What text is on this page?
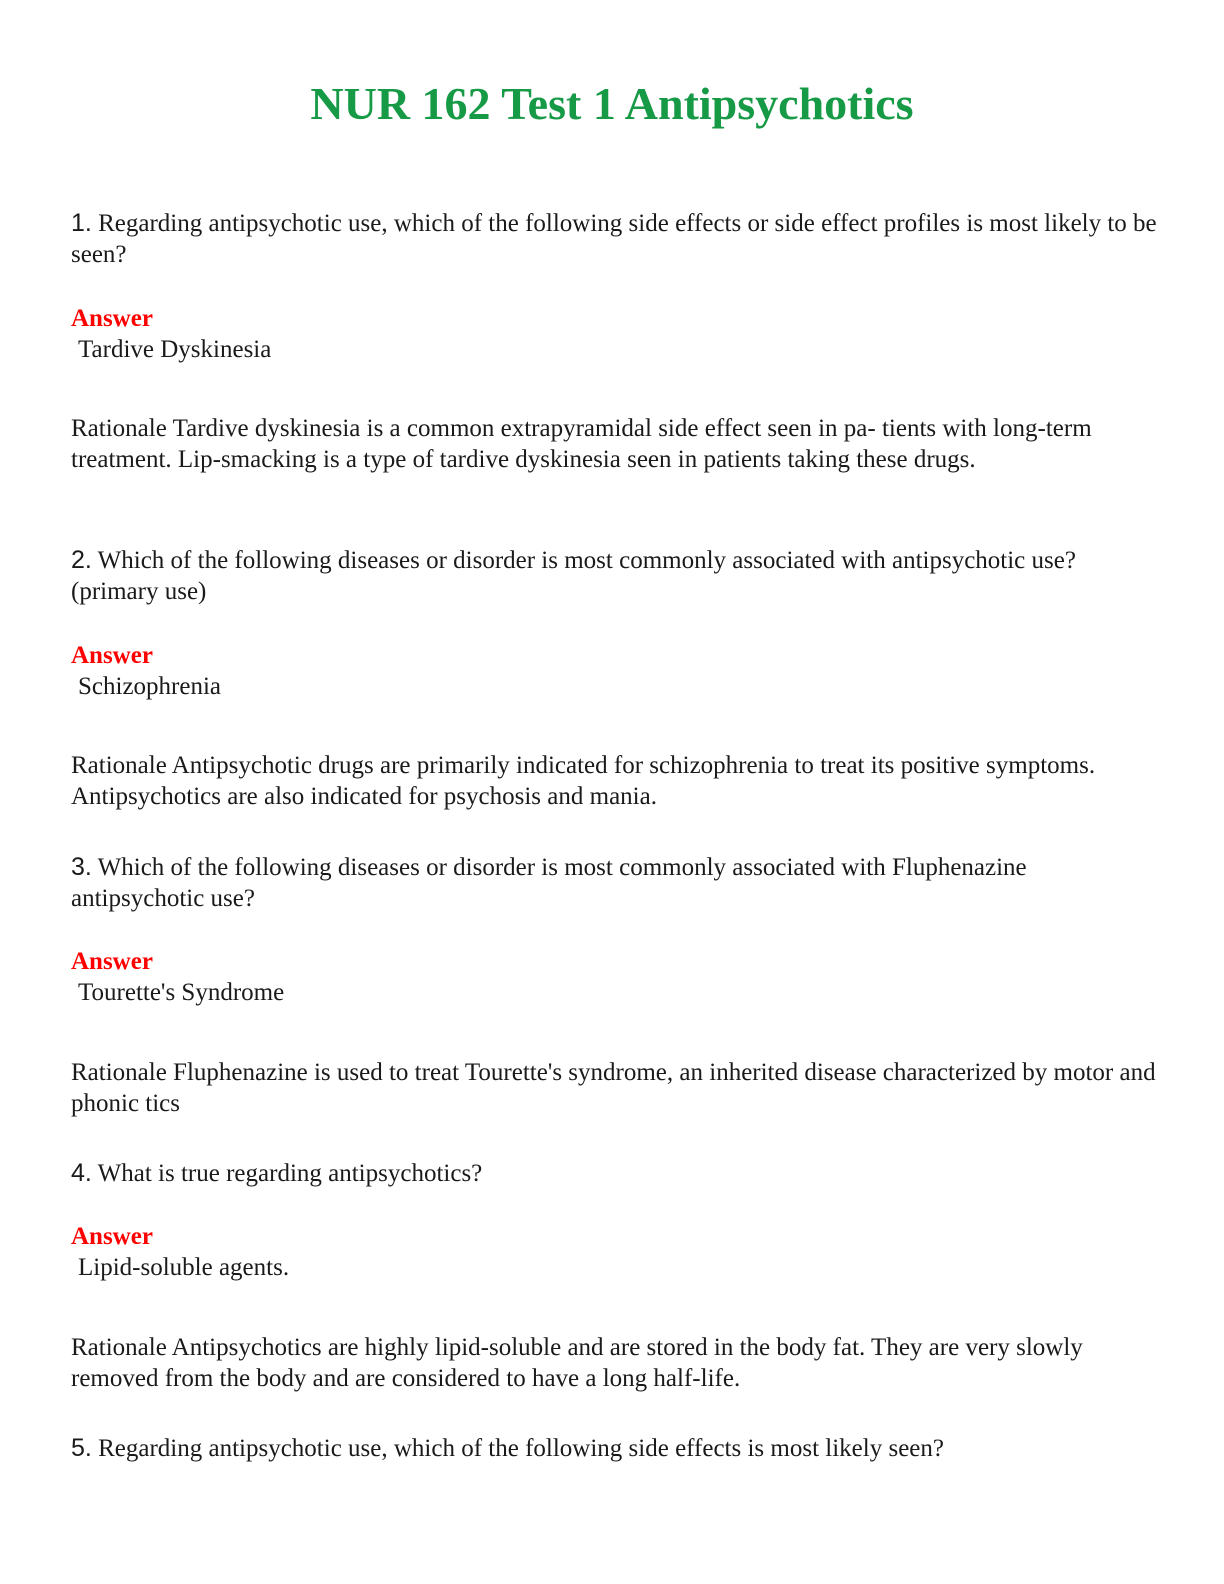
NUR 162 Test 1 Antipsychotics

1. Regarding antipsychotic use, which of the following side effects or side effect profiles is most likely to be seen?

Answer
Tardive Dyskinesia

Rationale Tardive dyskinesia is a common extrapyramidal side effect seen in pa- tients with long-term treatment. Lip-smacking is a type of tardive dyskinesia seen in patients taking these drugs.

2. Which of the following diseases or disorder is most commonly associated with antipsychotic use? (primary use)

Answer
Schizophrenia

Rationale Antipsychotic drugs are primarily indicated for schizophrenia to treat its positive symptoms. Antipsychotics are also indicated for psychosis and mania.

3. Which of the following diseases or disorder is most commonly associated with Fluphenazine antipsychotic use?

Answer
Tourette's Syndrome

Rationale Fluphenazine is used to treat Tourette's syndrome, an inherited disease characterized by motor and phonic tics

4. What is true regarding antipsychotics?

Answer
Lipid-soluble agents.

Rationale Antipsychotics are highly lipid-soluble and are stored in the body fat. They are very slowly removed from the body and are considered to have a long half-life.

5. Regarding antipsychotic use, which of the following side effects is most likely seen?
